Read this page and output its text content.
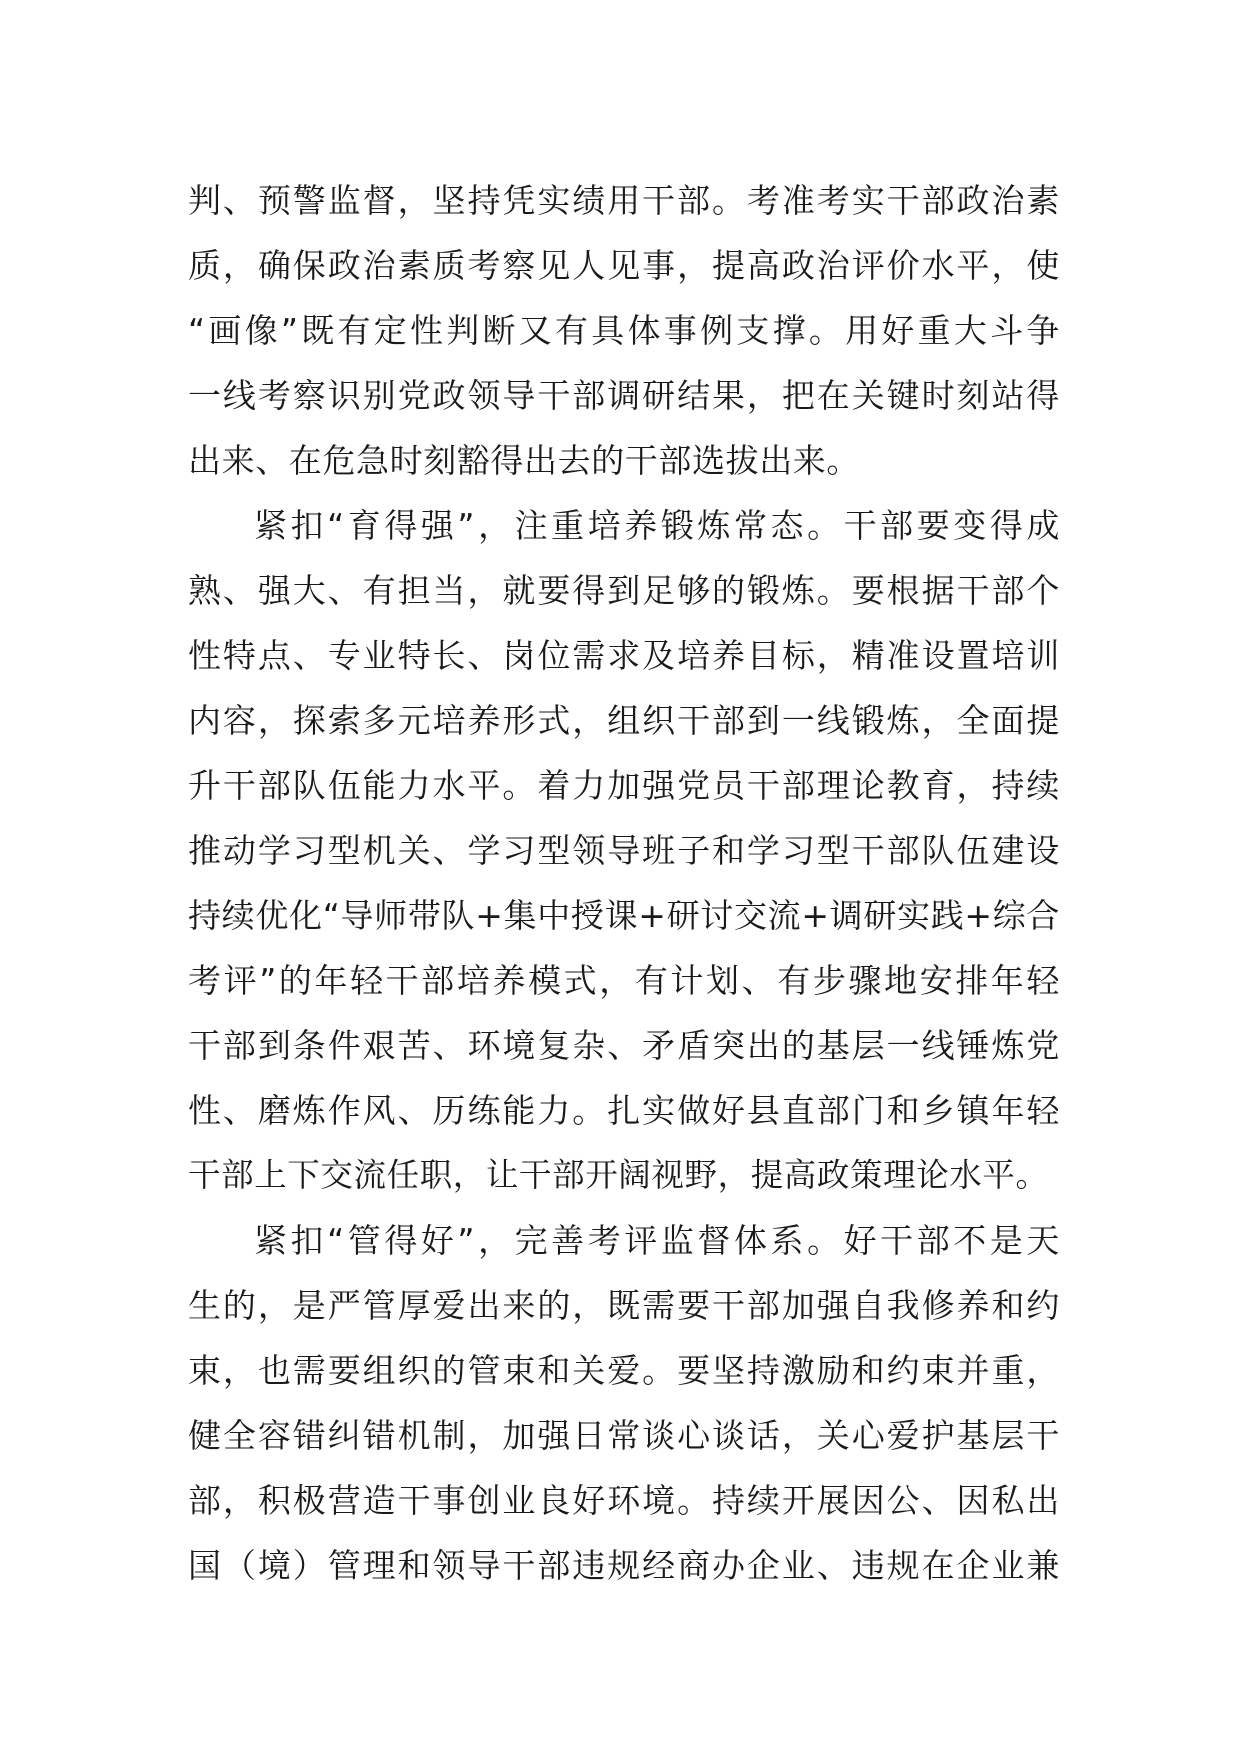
判、预警监督，坚持凭实绩用干部。考准考实干部政治素
质，确保政治素质考察见人见事，提高政治评价水平，使
“画像”既有定性判断又有具体事例支撑。用好重大斗争
一线考察识别党政领导干部调研结果，把在关键时刻站得
出来、在危急时刻豁得出去的干部选拔出来。
紧扣“育得强”，注重培养锻炼常态。干部要变得成
熟、强大、有担当，就要得到足够的锻炼。要根据干部个
性特点、专业特长、岗位需求及培养目标，精准设置培训
内容，探索多元培养形式，组织干部到一线锻炼，全面提
升干部队伍能力水平。着力加强党员干部理论教育，持续
推动学习型机关、学习型领导班子和学习型干部队伍建设
持续优化“导师带队+集中授课+研讨交流+调研实践+综合
考评”的年轻干部培养模式，有计划、有步骤地安排年轻
干部到条件艰苦、环境复杂、矛盾突出的基层一线锤炼党
性、磨炼作风、历练能力。扎实做好县直部门和乡镇年轻
干部上下交流任职，让干部开阔视野，提高政策理论水平。
紧扣“管得好”，完善考评监督体系。好干部不是天
生的，是严管厚爱出来的，既需要干部加强自我修养和约
束，也需要组织的管束和关爱。要坚持激励和约束并重，
健全容错纠错机制，加强日常谈心谈话，关心爱护基层干
部，积极营造干事创业良好环境。持续开展因公、因私出
国（境）管理和领导干部违规经商办企业、违规在企业兼
